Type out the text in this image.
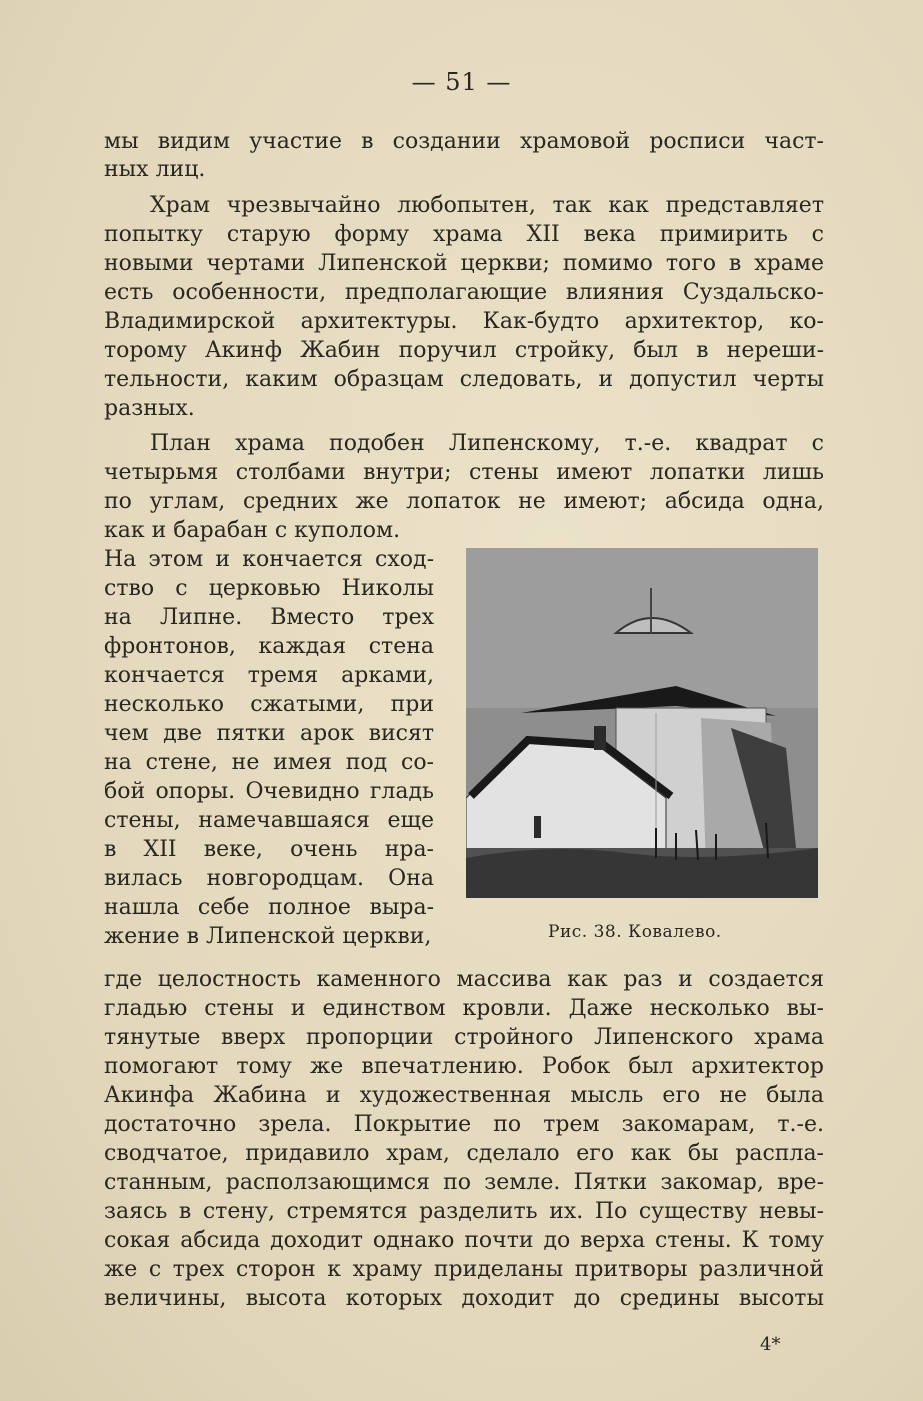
— 51 —
мы видим участие в создании храмовой росписи част-
ных лиц.
Храм чрезвычайно любопытен, так как представляет
попытку старую форму храма XII века примирить с
новыми чертами Липенской церкви; помимо того в храме
есть особенности, предполагающие влияния Суздальско-
Владимирской архитектуры. Как-будто архитектор, ко-
торому Акинф Жабин поручил стройку, был в нереши-
тельности, каким образцам следовать, и допустил черты
разных.
План храма подобен Липенскому, т.-е. квадрат с
четырьмя столбами внутри; стены имеют лопатки лишь
по углам, средних же лопаток не имеют; абсида одна,
как и барабан с куполом.
На этом и кончается сход-
ство с церковью Николы
на Липне. Вместо трех
фронтонов, каждая стена
кончается тремя арками,
несколько сжатыми, при
чем две пятки арок висят
на стене, не имея под со-
бой опоры. Очевидно гладь
стены, намечавшаяся еще
в XII веке, очень нра-
вилась новгородцам. Она
нашла себе полное выра-
жение в Липенской церкви,
где целостность каменного массива как раз и создается
гладью стены и единством кровли. Даже несколько вы-
тянутые вверх пропорции стройного Липенского храма
помогают тому же впечатлению. Робок был архитектор
Акинфа Жабина и художественная мысль его не была
достаточно зрела. Покрытие по трем закомарам, т.-е.
сводчатое, придавило храм, сделало его как бы распла-
станным, расползающимся по земле. Пятки закомар, вре-
заясь в стену, стремятся разделить их. По существу невы-
сокая абсида доходит однако почти до верха стены. К тому
же с трех сторон к храму приделаны притворы различной
величины, высота которых доходит до средины высоты
Рис. 38. Ковалево.
4*
